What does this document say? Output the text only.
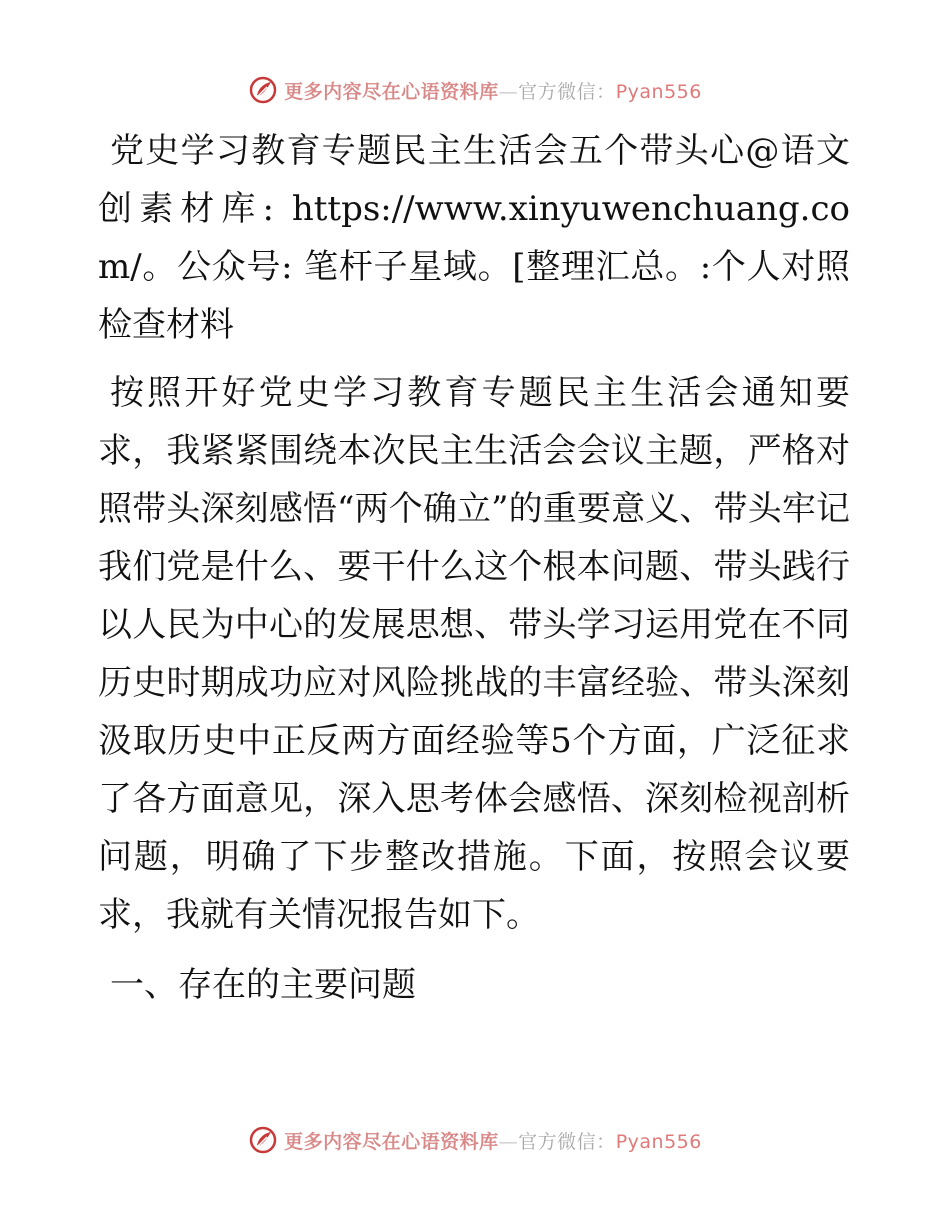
更多内容尽在心语资料库—官方微信：Pyan556

党史学习教育专题民主生活会五个带头心@语文创素材库: https://www.xinyuwenchuang.com/。公众号: 笔杆子星域。[整理汇总。:个人对照检查材料

按照开好党史学习教育专题民主生活会通知要求，我紧紧围绕本次民主生活会会议主题，严格对照带头深刻感悟“两个确立”的重要意义、带头牢记我们党是什么、要干什么这个根本问题、带头践行以人民为中心的发展思想、带头学习运用党在不同历史时期成功应对风险挑战的丰富经验、带头深刻汲取历史中正反两方面经验等5个方面，广泛征求了各方面意见，深入思考体会感悟、深刻检视剖析问题，明确了下步整改措施。下面，按照会议要求，我就有关情况报告如下。

一、存在的主要问题

更多内容尽在心语资料库—官方微信：Pyan556
